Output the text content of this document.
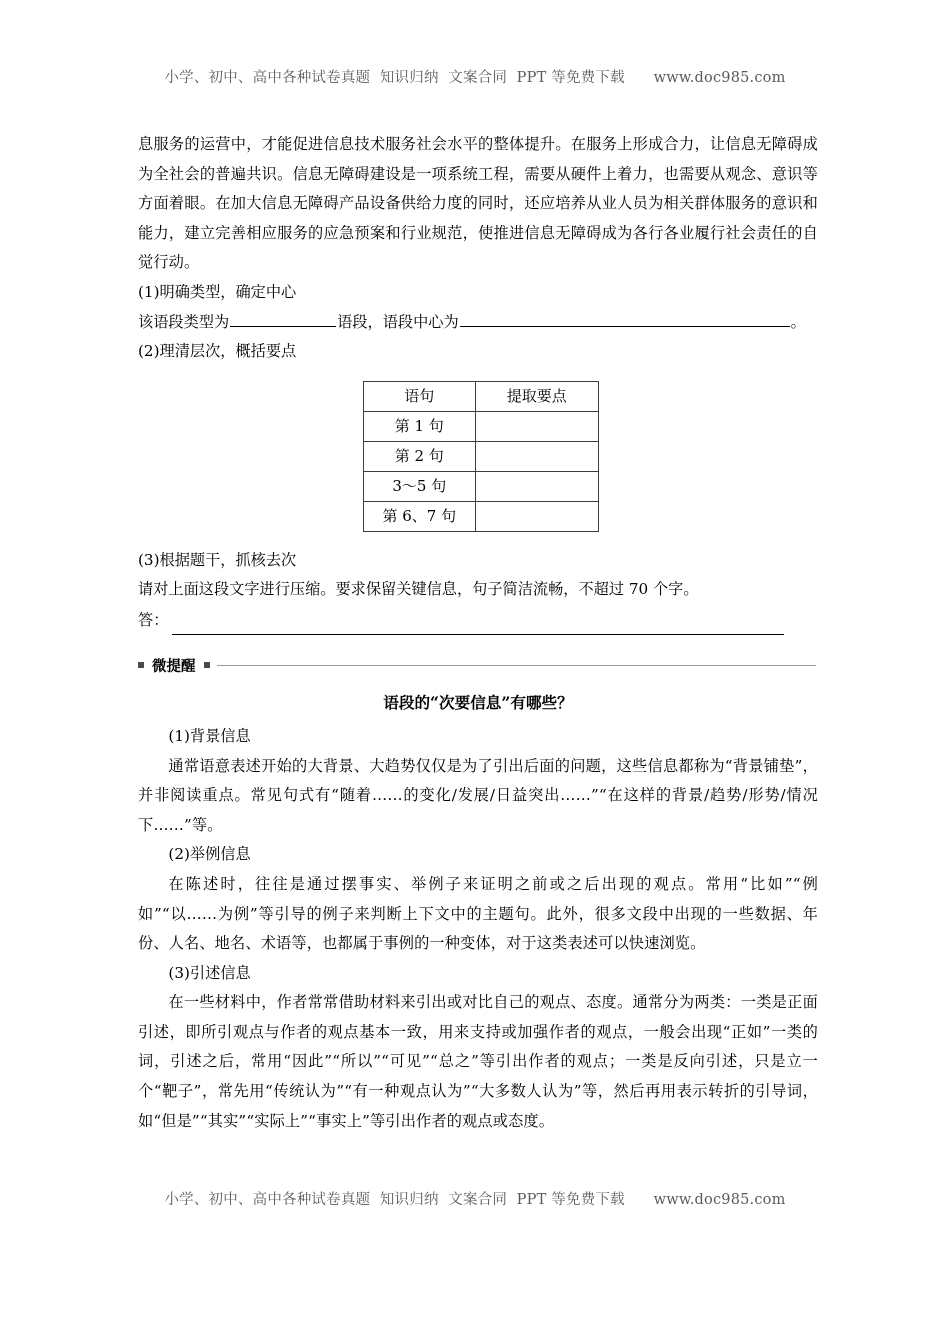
小学、初中、高中各种试卷真题  知识归纳  文案合同  PPT 等免费下载      www.doc985.com

息服务的运营中，才能促进信息技术服务社会水平的整体提升。在服务上形成合力，让信息无障碍成为全社会的普遍共识。信息无障碍建设是一项系统工程，需要从硬件上着力，也需要从观念、意识等方面着眼。在加大信息无障碍产品设备供给力度的同时，还应培养从业人员为相关群体服务的意识和能力，建立完善相应服务的应急预案和行业规范，使推进信息无障碍成为各行各业履行社会责任的自觉行动。

(1)明确类型，确定中心
该语段类型为	语段，语段中心为	。
(2)理清层次，概括要点
语句	提取要点
第 1 句	
第 2 句	
3～5 句	
第 6、7 句	
(3)根据题干，抓核去次
请对上面这段文字进行压缩。要求保留关键信息，句子简洁流畅，不超过 70 个字。
答：
微提醒
语段的“次要信息”有哪些？
(1)背景信息

通常语意表述开始的大背景、大趋势仅仅是为了引出后面的问题，这些信息都称为“背景铺垫”，并非阅读重点。常见句式有“随着……的变化/发展/日益突出……”“在这样的背景/趋势/形势/情况下……”等。

(2)举例信息

在陈述时，往往是通过摆事实、举例子来证明之前或之后出现的观点。常用“比如”“例如”“以……为例”等引导的例子来判断上下文中的主题句。此外，很多文段中出现的一些数据、年份、人名、地名、术语等，也都属于事例的一种变体，对于这类表述可以快速浏览。

(3)引述信息

在一些材料中，作者常常借助材料来引出或对比自己的观点、态度。通常分为两类：一类是正面引述，即所引观点与作者的观点基本一致，用来支持或加强作者的观点，一般会出现“正如”一类的词，引述之后，常用“因此”“所以”“可见”“总之”等引出作者的观点；一类是反向引述，只是立一个“靶子”，常先用“传统认为”“有一种观点认为”“大多数人认为”等，然后再用表示转折的引导词，如“但是”“其实”“实际上”“事实上”等引出作者的观点或态度。

小学、初中、高中各种试卷真题  知识归纳  文案合同  PPT 等免费下载      www.doc985.com
